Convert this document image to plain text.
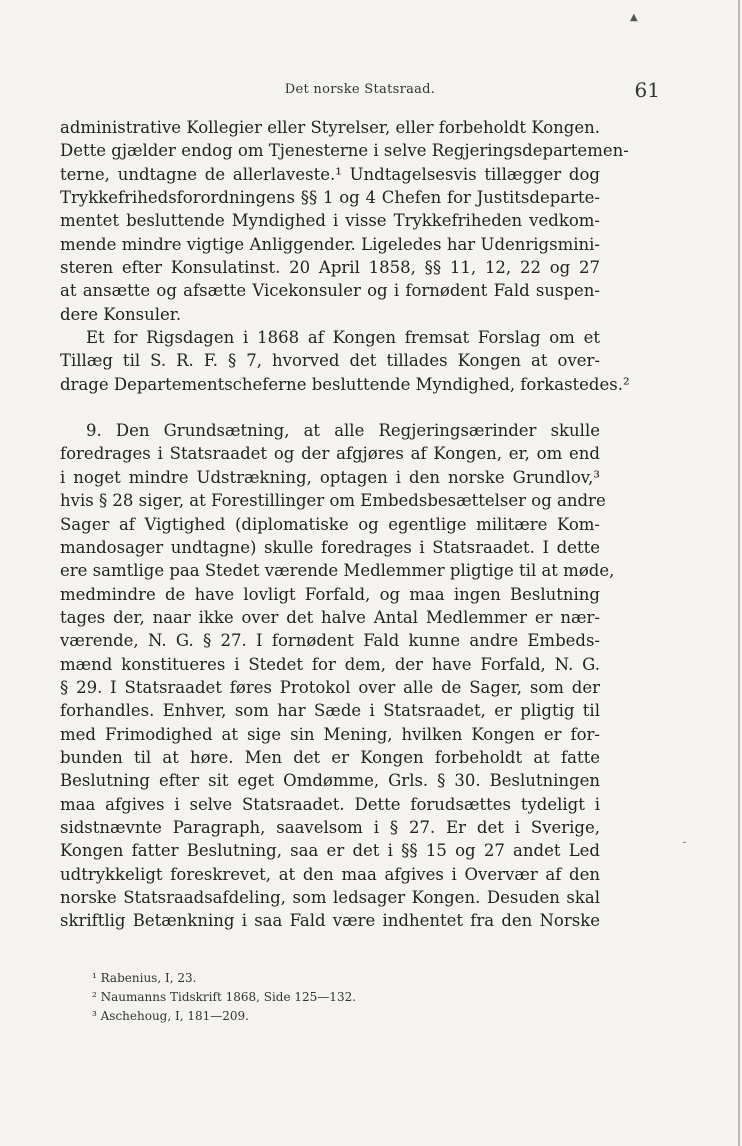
▲
˘
Det norske Statsraad.	61
administrative Kollegier eller Styrelser, eller forbeholdt Kongen.
Dette gjælder endog om Tjenesterne i selve Regjeringsdepartemen-
terne, undtagne de allerlaveste.¹ Undtagelsesvis tillægger dog
Trykkefrihedsforordningens §§ 1 og 4 Chefen for Justitsdeparte-
mentet besluttende Myndighed i visse Trykkefriheden vedkom-
mende mindre vigtige Anliggender. Ligeledes har Udenrigsmini-
steren efter Konsulatinst. 20 April 1858, §§ 11, 12, 22 og 27
at ansætte og afsætte Vicekonsuler og i fornødent Fald suspen-
dere Konsuler.
Et for Rigsdagen i 1868 af Kongen fremsat Forslag om et
Tillæg til S. R. F. § 7, hvorved det tillades Kongen at over-
drage Departementscheferne besluttende Myndighed, forkastedes.²
9. Den Grundsætning, at alle Regjeringsærinder skulle
foredrages i Statsraadet og der afgjøres af Kongen, er, om end
i noget mindre Udstrækning, optagen i den norske Grundlov,³
hvis § 28 siger, at Forestillinger om Embedsbesættelser og andre
Sager af Vigtighed (diplomatiske og egentlige militære Kom-
mandosager undtagne) skulle foredrages i Statsraadet. I dette
ere samtlige paa Stedet værende Medlemmer pligtige til at møde,
medmindre de have lovligt Forfald, og maa ingen Beslutning
tages der, naar ikke over det halve Antal Medlemmer er nær-
værende, N. G. § 27. I fornødent Fald kunne andre Embeds-
mænd konstitueres i Stedet for dem, der have Forfald, N. G.
§ 29. I Statsraadet føres Protokol over alle de Sager, som der
forhandles. Enhver, som har Sæde i Statsraadet, er pligtig til
med Frimodighed at sige sin Mening, hvilken Kongen er for-
bunden til at høre. Men det er Kongen forbeholdt at fatte
Beslutning efter sit eget Omdømme, Grls. § 30. Beslutningen
maa afgives i selve Statsraadet. Dette forudsættes tydeligt i
sidstnævnte Paragraph, saavelsom i § 27. Er det i Sverige,
Kongen fatter Beslutning, saa er det i §§ 15 og 27 andet Led
udtrykkeligt foreskrevet, at den maa afgives i Overvær af den
norske Statsraadsafdeling, som ledsager Kongen. Desuden skal
skriftlig Betænkning i saa Fald være indhentet fra den Norske
¹ Rabenius, I, 23.
² Naumanns Tidskrift 1868, Side 125—132.
³ Aschehoug, I, 181—209.
